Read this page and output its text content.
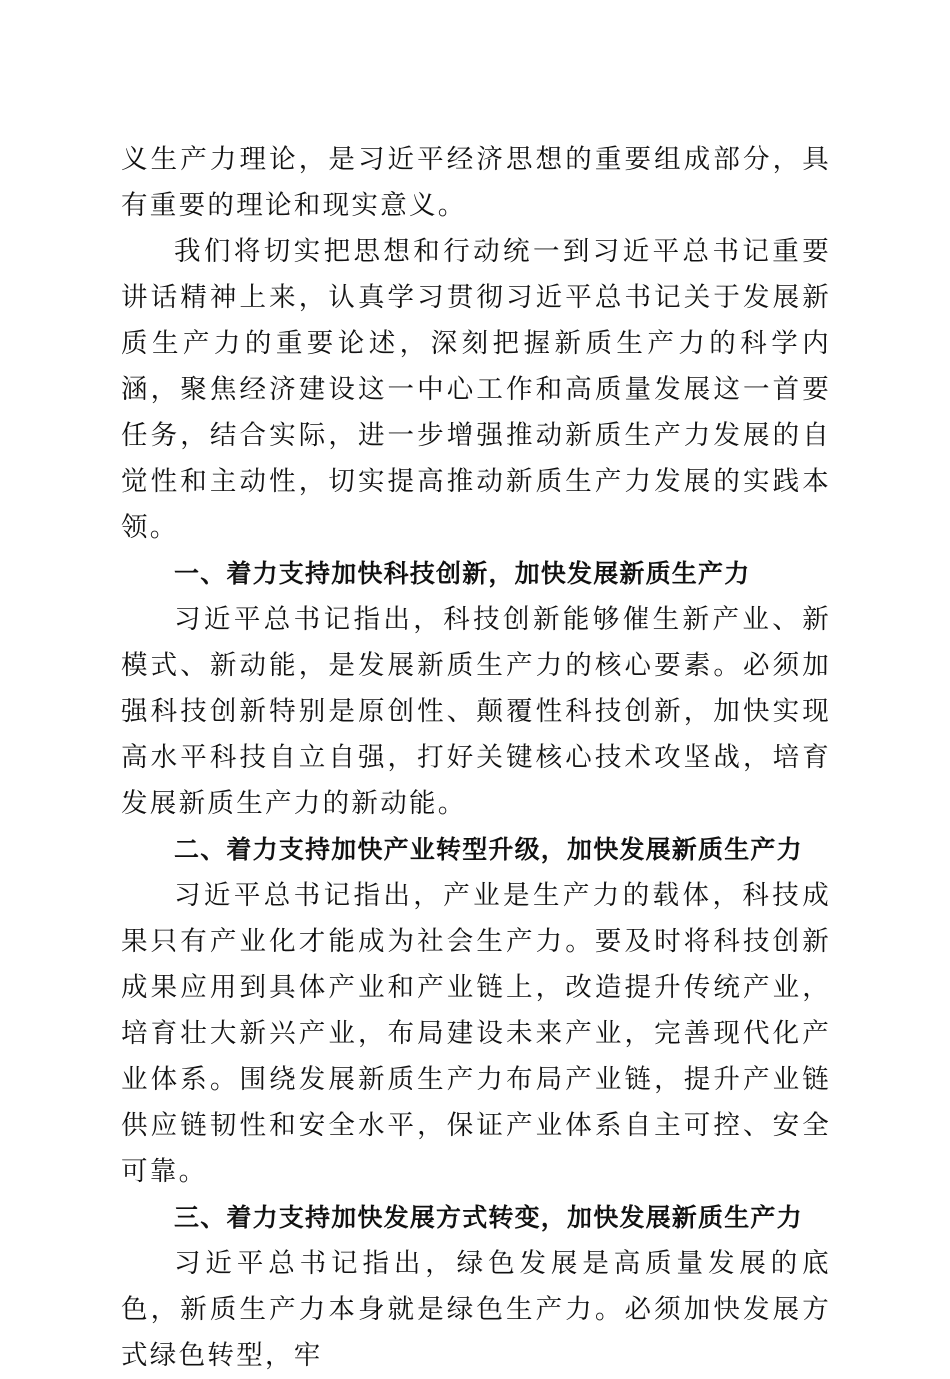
义生产力理论，是习近平经济思想的重要组成部分，具有重要的理论和现实意义。

我们将切实把思想和行动统一到习近平总书记重要讲话精神上来，认真学习贯彻习近平总书记关于发展新质生产力的重要论述，深刻把握新质生产力的科学内涵，聚焦经济建设这一中心工作和高质量发展这一首要任务，结合实际，进一步增强推动新质生产力发展的自觉性和主动性，切实提高推动新质生产力发展的实践本领。

一、着力支持加快科技创新，加快发展新质生产力

习近平总书记指出，科技创新能够催生新产业、新模式、新动能，是发展新质生产力的核心要素。必须加强科技创新特别是原创性、颠覆性科技创新，加快实现高水平科技自立自强，打好关键核心技术攻坚战，培育发展新质生产力的新动能。

二、着力支持加快产业转型升级，加快发展新质生产力

习近平总书记指出，产业是生产力的载体，科技成果只有产业化才能成为社会生产力。要及时将科技创新成果应用到具体产业和产业链上，改造提升传统产业，培育壮大新兴产业，布局建设未来产业，完善现代化产业体系。围绕发展新质生产力布局产业链，提升产业链供应链韧性和安全水平，保证产业体系自主可控、安全可靠。

三、着力支持加快发展方式转变，加快发展新质生产力

习近平总书记指出，绿色发展是高质量发展的底色，新质生产力本身就是绿色生产力。必须加快发展方式绿色转型，牢
